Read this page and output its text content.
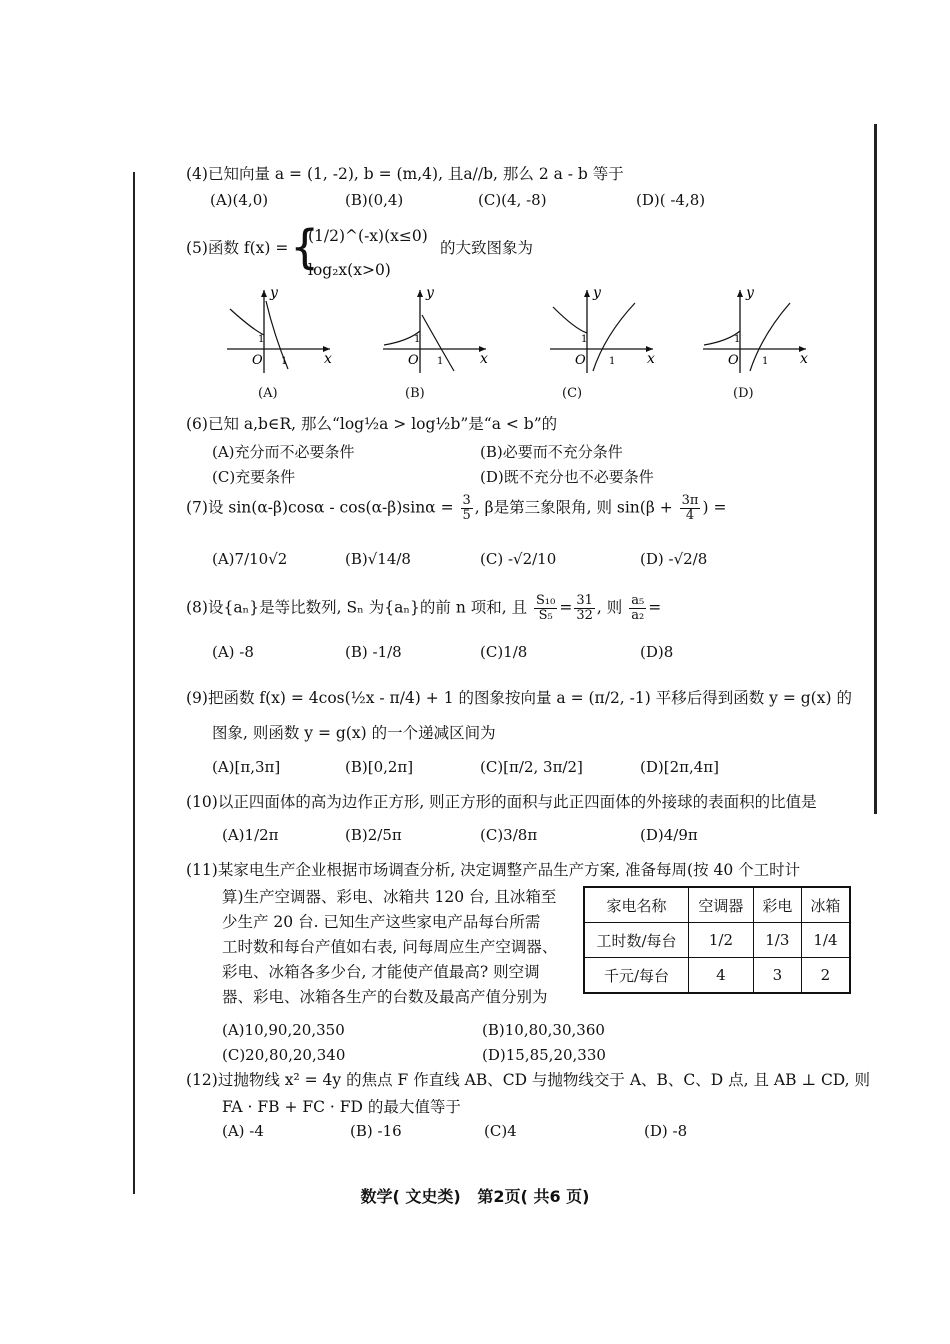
(4)已知向量 a = (1, -2), b = (m,4), 且a//b, 那么 2 a - b 等于
(A)(4,0)	(B)(0,4)	(C)(4, -8)	(D)( -4,8)
(5)函数 f(x) = {
(1/2)^(-x)(x≤0)
log₂x(x>0)
的大致图象为
y
x
O
1
1
y
x
O
1
1
y
x
O
1
1
y
x
O
1
1
(A)	(B)	(C)	(D)
(6)已知 a,b∈R, 那么“log½a > log½b”是“a < b”的
(A)充分而不必要条件	(B)必要而不充分条件
(C)充要条件	(D)既不充分也不必要条件
(7)设 $\sin(\alpha-\beta)\cos\alpha - \cos(\alpha-\beta)\sin\alpha = \frac{3}{5}$ , β是第三象限角, 则 $\sin(\beta + \frac{3\pi}{4}$ ) =
(A)7/10√2	(B)√14/8	(C) -√2/10	(D) -√2/8
(8)设{aₙ}是等比数列, Sₙ 为{aₙ}的前 n 项和, 且 $\frac{\text{S₁₀}}{\text{S₅}} = \frac{31}{32}$ , 则 $\frac{\text{a₅}}{\text{a₂}}$ =
(A) -8	(B) -1/8	(C)1/8	(D)8
(9)把函数 f(x) = 4cos(½x - π/4) + 1 的图象按向量 a = (π/2, -1) 平移后得到函数 y = g(x) 的
图象, 则函数 y = g(x) 的一个递减区间为
(A)[π,3π]	(B)[0,2π]	(C)[π/2, 3π/2]	(D)[2π,4π]
(10)以正四面体的高为边作正方形, 则正方形的面积与此正四面体的外接球的表面积的比值是
(A)1/2π	(B)2/5π	(C)3/8π	(D)4/9π
(11)某家电生产企业根据市场调查分析, 决定调整产品生产方案, 准备每周(按 40 个工时计
算)生产空调器、彩电、冰箱共 120 台, 且冰箱至
少生产 20 台. 已知生产这些家电产品每台所需
工时数和每台产值如右表, 问每周应生产空调器、
彩电、冰箱各多少台, 才能使产值最高? 则空调
器、彩电、冰箱各生产的台数及最高产值分别为
家电名称	空调器	彩电	冰箱
工时数/每台	1/2	1/3	1/4
千元/每台	4	3	2
(A)10,90,20,350	(B)10,80,30,360
(C)20,80,20,340	(D)15,85,20,330
(12)过抛物线 x² = 4y 的焦点 F 作直线 AB、CD 与抛物线交于 A、B、C、D 点, 且 AB ⊥ CD, 则
FA · FB + FC · FD 的最大值等于
(A) -4	(B) -16	(C)4	(D) -8
数学( 文史类)   第2页( 共6 页)
